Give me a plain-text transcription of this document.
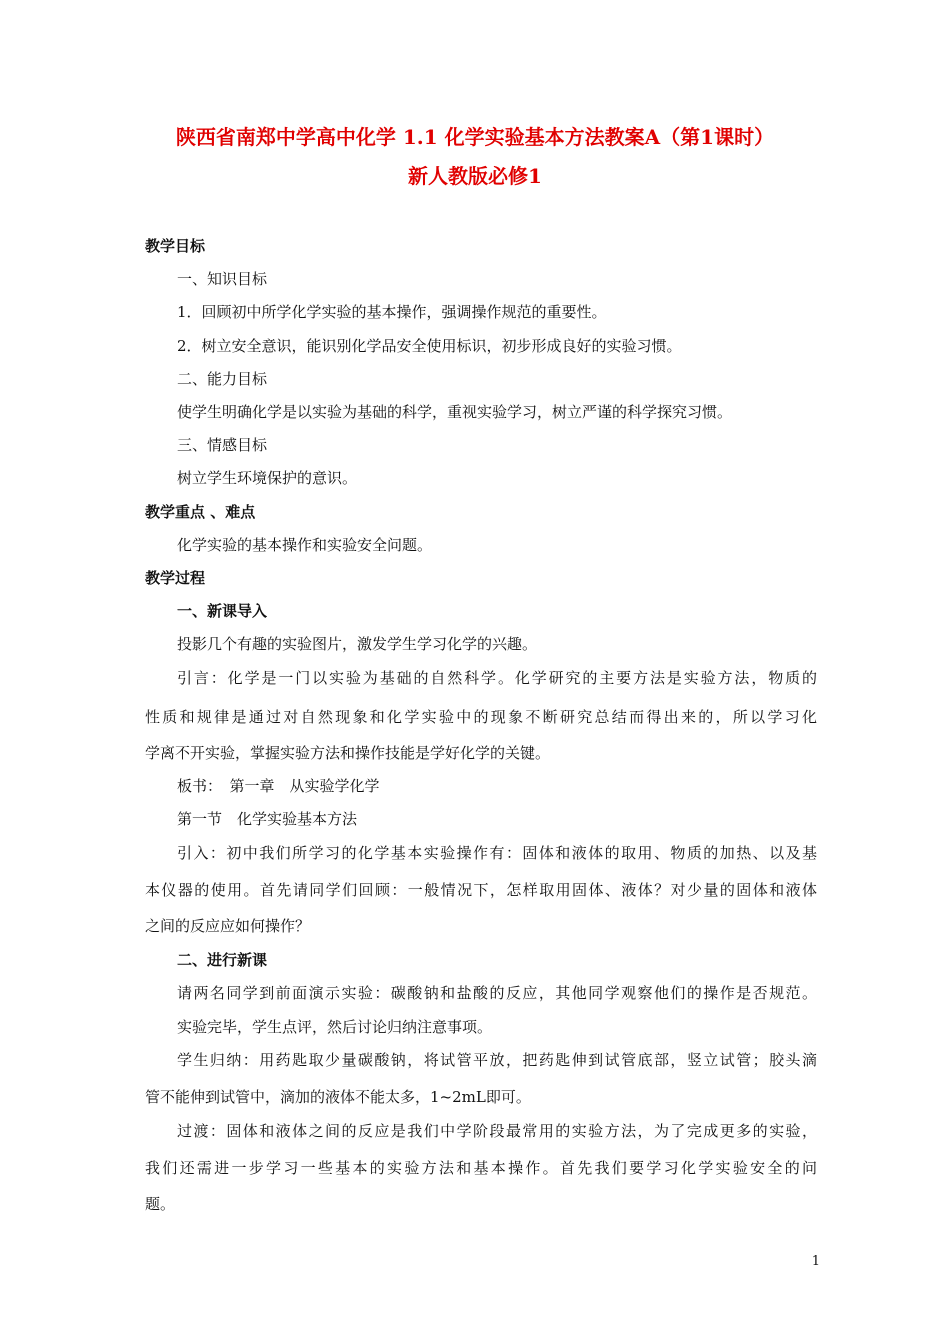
陕西省南郑中学高中化学 1.1 化学实验基本方法教案A（第1课时）
新人教版必修1
教学目标
一、知识目标
1．回顾初中所学化学实验的基本操作，强调操作规范的重要性。
2．树立安全意识，能识别化学品安全使用标识，初步形成良好的实验习惯。
二、能力目标
使学生明确化学是以实验为基础的科学，重视实验学习，树立严谨的科学探究习惯。
三、情感目标
树立学生环境保护的意识。
教学重点 、难点
化学实验的基本操作和实验安全问题。
教学过程
一、新课导入
投影几个有趣的实验图片，激发学生学习化学的兴趣。
引言：化学是一门以实验为基础的自然科学。化学研究的主要方法是实验方法，物质的
性质和规律是通过对自然现象和化学实验中的现象不断研究总结而得出来的，所以学习化
学离不开实验，掌握实验方法和操作技能是学好化学的关键。
板书：　第一章　从实验学化学
第一节　化学实验基本方法
引入：初中我们所学习的化学基本实验操作有：固体和液体的取用、物质的加热、以及基
本仪器的使用。首先请同学们回顾：一般情况下，怎样取用固体、液体？对少量的固体和液体
之间的反应应如何操作？
二、进行新课
请两名同学到前面演示实验：碳酸钠和盐酸的反应，其他同学观察他们的操作是否规范。
实验完毕，学生点评，然后讨论归纳注意事项。
学生归纳：用药匙取少量碳酸钠，将试管平放，把药匙伸到试管底部，竖立试管；胶头滴
管不能伸到试管中，滴加的液体不能太多，1~2mL即可。
过渡：固体和液体之间的反应是我们中学阶段最常用的实验方法，为了完成更多的实验，
我们还需进一步学习一些基本的实验方法和基本操作。首先我们要学习化学实验安全的问
题。
1
